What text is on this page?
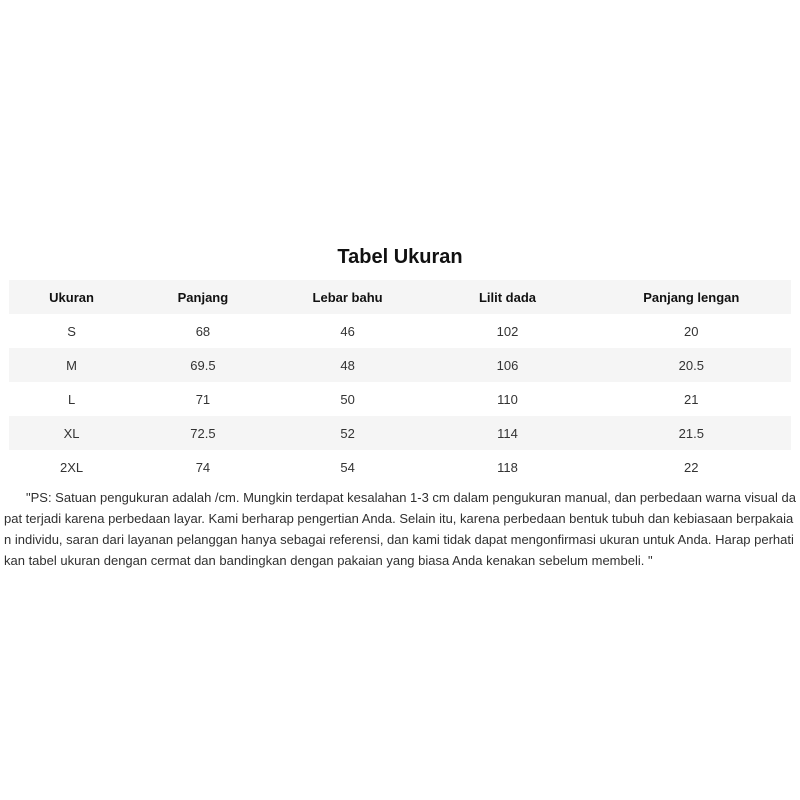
Tabel Ukuran
Ukuran	Panjang	Lebar bahu	Lilit dada	Panjang lengan
S	68	46	102	20
M	69.5	48	106	20.5
L	71	50	110	21
XL	72.5	52	114	21.5
2XL	74	54	118	22

"PS: Satuan pengukuran adalah /cm. Mungkin terdapat kesalahan 1-3 cm dalam pengukuran manual, dan perbedaan warna visual dapat terjadi karena perbedaan layar. Kami berharap pengertian Anda. Selain itu, karena perbedaan bentuk tubuh dan kebiasaan berpakaian individu, saran dari layanan pelanggan hanya sebagai referensi, dan kami tidak dapat mengonfirmasi ukuran untuk Anda. Harap perhatikan tabel ukuran dengan cermat dan bandingkan dengan pakaian yang biasa Anda kenakan sebelum membeli. "
